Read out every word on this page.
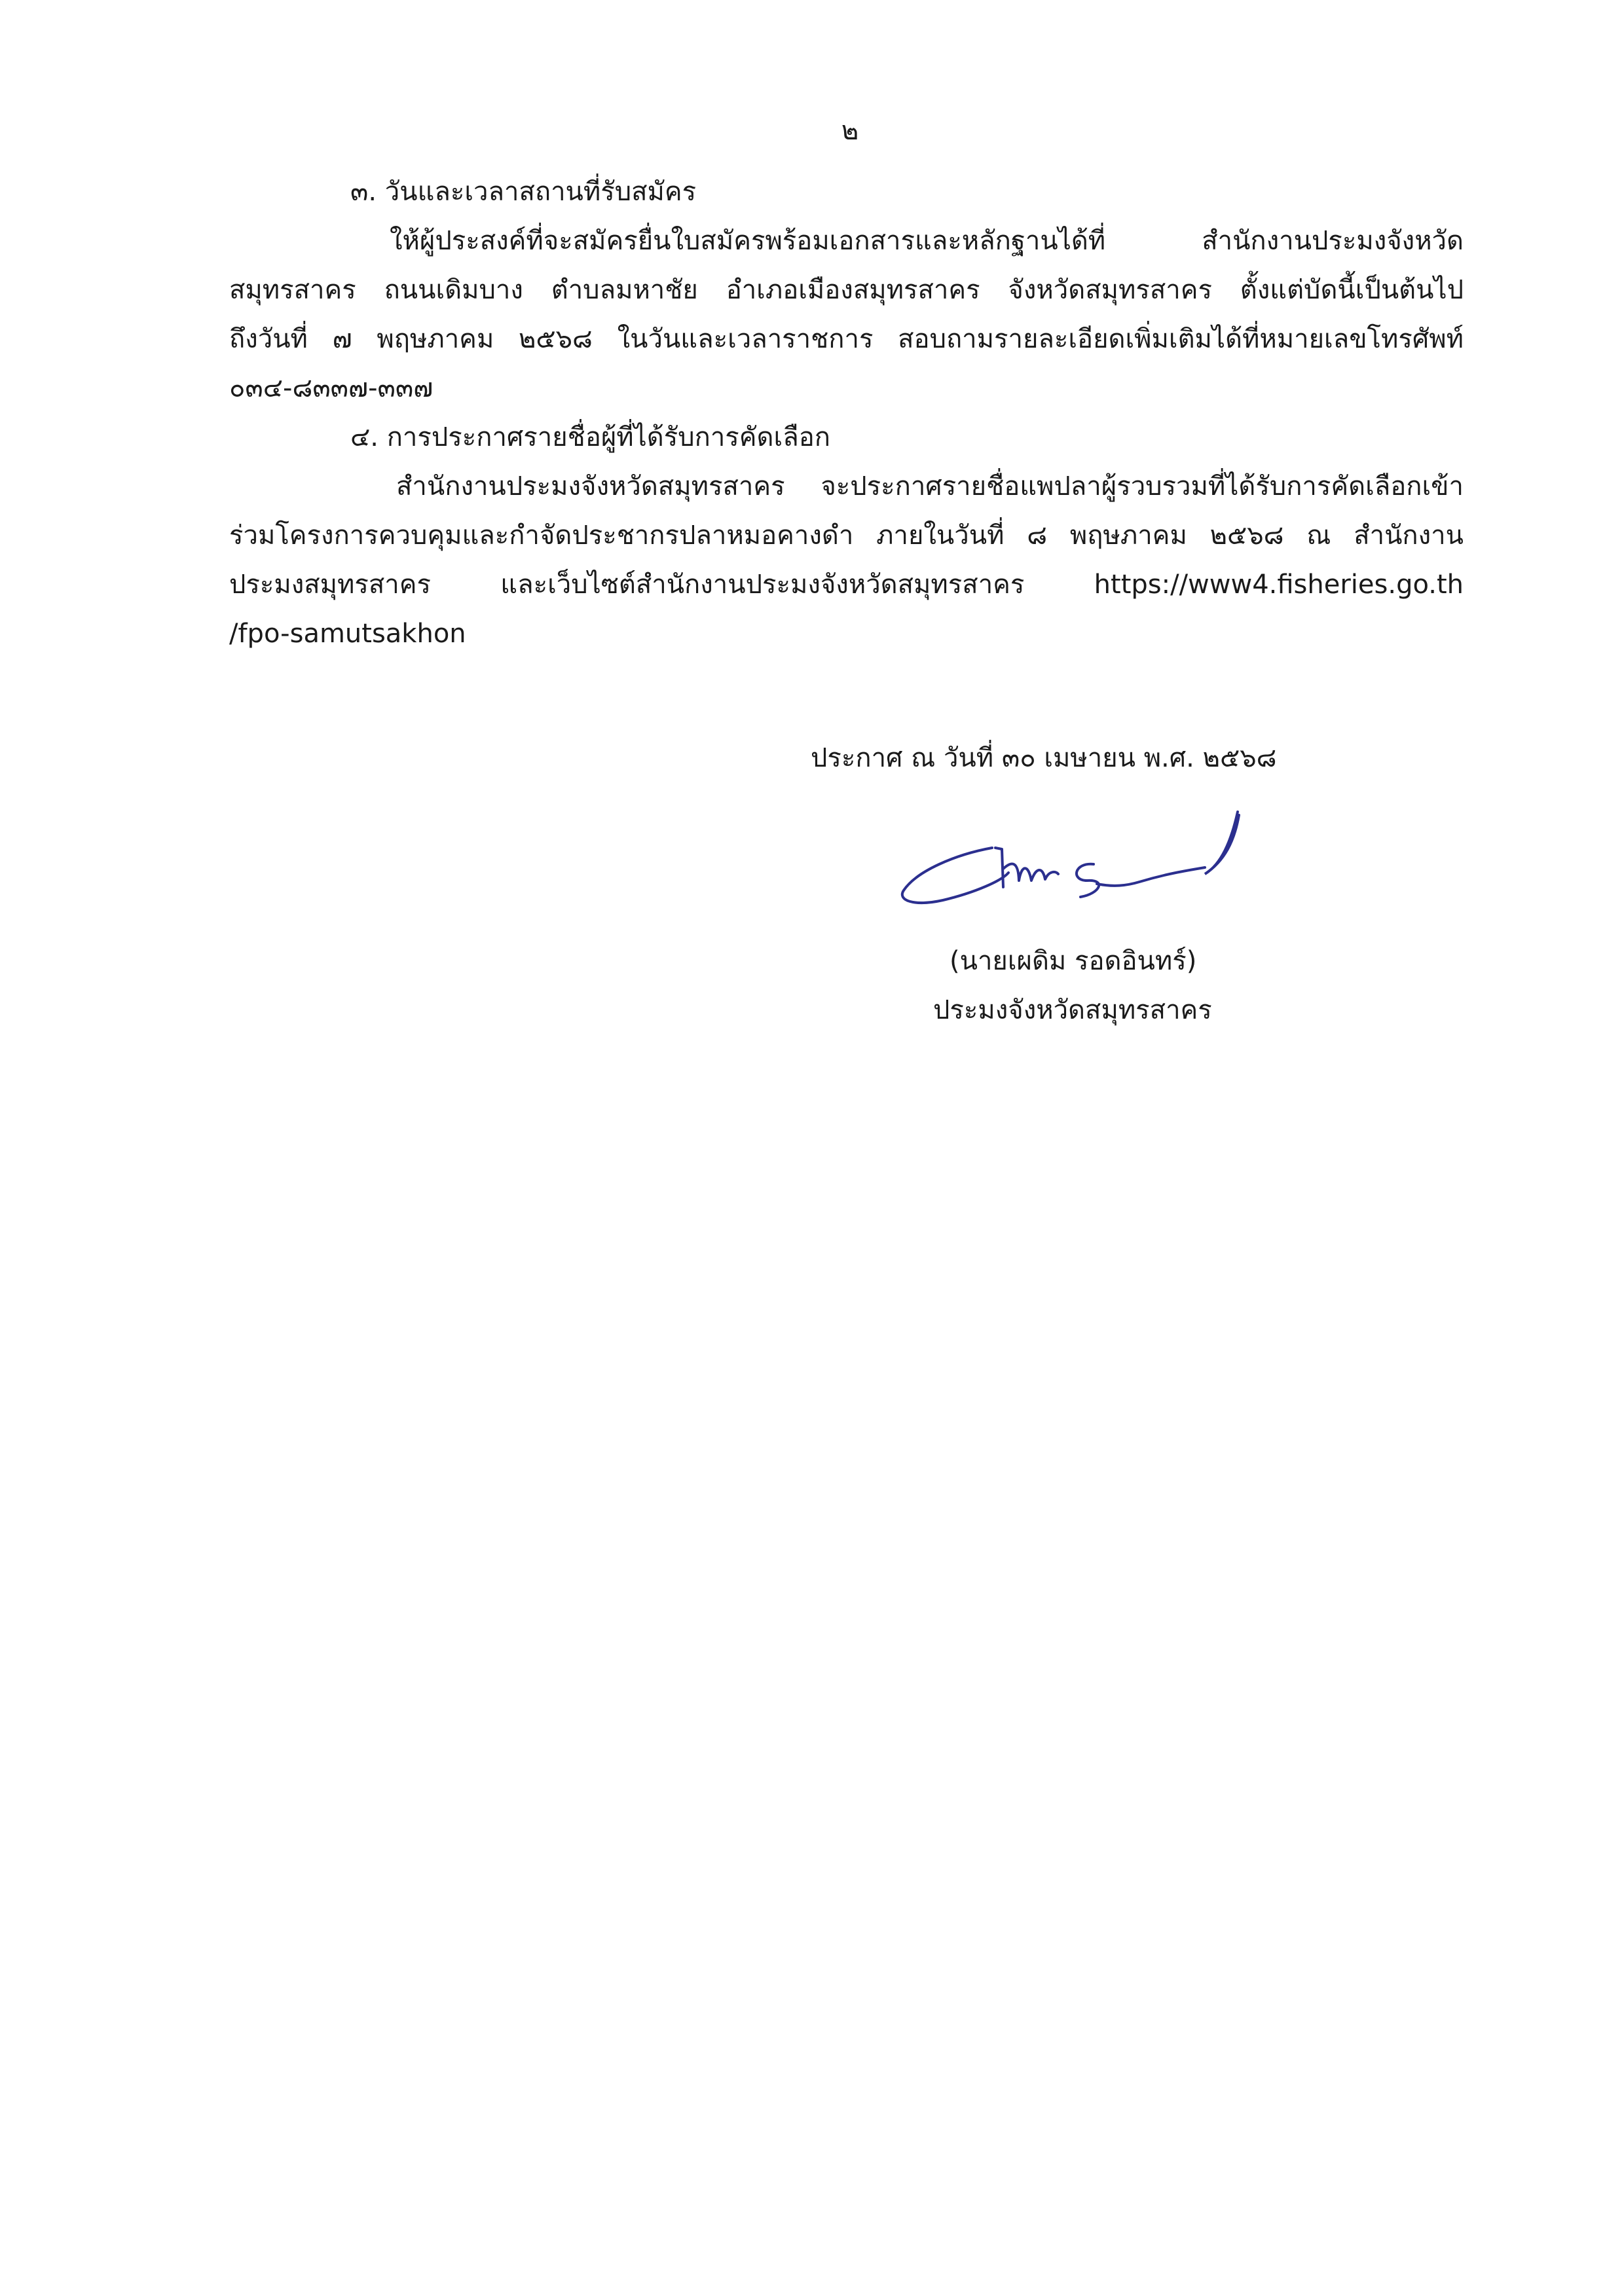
๒
๓. วันและเวลาสถานที่รับสมัคร
ให้ผู้ประสงค์ที่จะสมัครยื่นใบสมัครพร้อมเอกสารและหลักฐานได้ที่ สำนักงานประมงจังหวัด
สมุทรสาคร ถนนเดิมบาง ตำบลมหาชัย อำเภอเมืองสมุทรสาคร จังหวัดสมุทรสาคร ตั้งแต่บัดนี้เป็นต้นไป
ถึงวันที่ ๗ พฤษภาคม ๒๕๖๘ ในวันและเวลาราชการ สอบถามรายละเอียดเพิ่มเติมได้ที่หมายเลขโทรศัพท์
๐๓๔-๘๓๓๗-๓๓๗
๔. การประกาศรายชื่อผู้ที่ได้รับการคัดเลือก
สำนักงานประมงจังหวัดสมุทรสาคร จะประกาศรายชื่อแพปลาผู้รวบรวมที่ได้รับการคัดเลือกเข้า
ร่วมโครงการควบคุมและกำจัดประชากรปลาหมอคางดำ ภายในวันที่ ๘ พฤษภาคม ๒๕๖๘ ณ สำนักงาน
ประมงสมุทรสาคร และเว็บไซต์สำนักงานประมงจังหวัดสมุทรสาคร https://www4.fisheries.go.th
/fpo-samutsakhon
ประกาศ ณ วันที่ ๓๐ เมษายน พ.ศ. ๒๕๖๘
(นายเผดิม รอดอินทร์)
ประมงจังหวัดสมุทรสาคร
